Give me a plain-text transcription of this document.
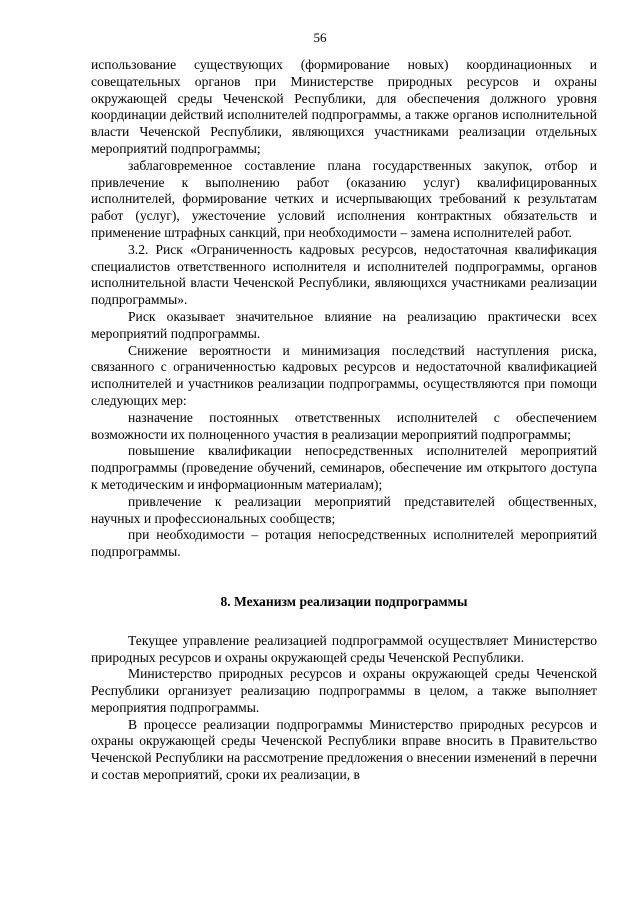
56

использование существующих (формирование новых) координационных и совещательных органов при Министерстве природных ресурсов и охраны окружающей среды Чеченской Республики, для обеспечения должного уровня координации действий исполнителей подпрограммы, а также органов исполнительной власти Чеченской Республики, являющихся участниками реализации отдельных мероприятий подпрограммы;

заблаговременное составление плана государственных закупок, отбор и привлечение к выполнению работ (оказанию услуг) квалифицированных исполнителей, формирование четких и исчерпывающих требований к результатам работ (услуг), ужесточение условий исполнения контрактных обязательств и применение штрафных санкций, при необходимости – замена исполнителей работ.

3.2. Риск «Ограниченность кадровых ресурсов, недостаточная квалификация специалистов ответственного исполнителя и исполнителей подпрограммы, органов исполнительной власти Чеченской Республики, являющихся участниками реализации подпрограммы».

Риск оказывает значительное влияние на реализацию практически всех мероприятий подпрограммы.

Снижение вероятности и минимизация последствий наступления риска, связанного с ограниченностью кадровых ресурсов и недостаточной квалификацией исполнителей и участников реализации подпрограммы, осуществляются при помощи следующих мер:

назначение постоянных ответственных исполнителей с обеспечением возможности их полноценного участия в реализации мероприятий подпрограммы;

повышение квалификации непосредственных исполнителей мероприятий подпрограммы (проведение обучений, семинаров, обеспечение им открытого доступа к методическим и информационным материалам);

привлечение к реализации мероприятий представителей общественных, научных и профессиональных сообществ;

при необходимости – ротация непосредственных исполнителей мероприятий подпрограммы.

8. Механизм реализации подпрограммы

Текущее управление реализацией подпрограммой осуществляет Министерство природных ресурсов и охраны окружающей среды Чеченской Республики.

Министерство природных ресурсов и охраны окружающей среды Чеченской Республики организует реализацию подпрограммы в целом, а также выполняет мероприятия подпрограммы.

В процессе реализации подпрограммы Министерство природных ресурсов и охраны окружающей среды Чеченской Республики вправе вносить в Правительство Чеченской Республики на рассмотрение предложения о внесении изменений в перечни и состав мероприятий, сроки их реализации, в
